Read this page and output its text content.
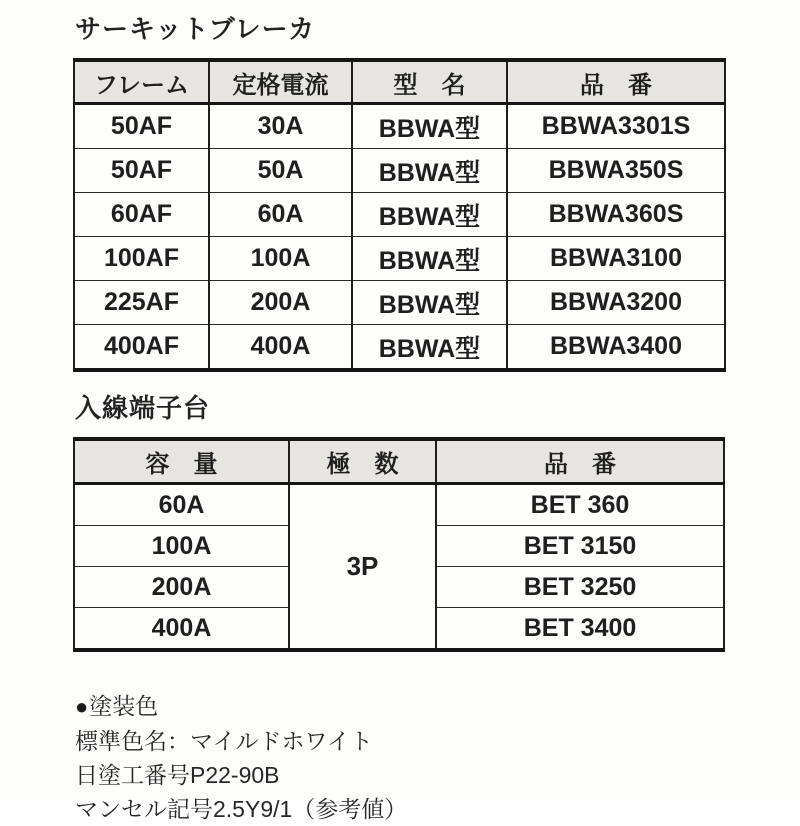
サーキットブレーカ
フレーム	定格電流	型　名	品　番
50AF	30A	BBWA型	BBWA3301S
50AF	50A	BBWA型	BBWA350S
60AF	60A	BBWA型	BBWA360S
100AF	100A	BBWA型	BBWA3100
225AF	200A	BBWA型	BBWA3200
400AF	400A	BBWA型	BBWA3400
入線端子台
容　量	極　数	品　番
60A	3P	BET 360
100A		BET 3150
200A		BET 3250
400A		BET 3400
●塗装色
標準色名：マイルドホワイト
日塗工番号P22-90B
マンセル記号2.5Y9/1（参考値）
